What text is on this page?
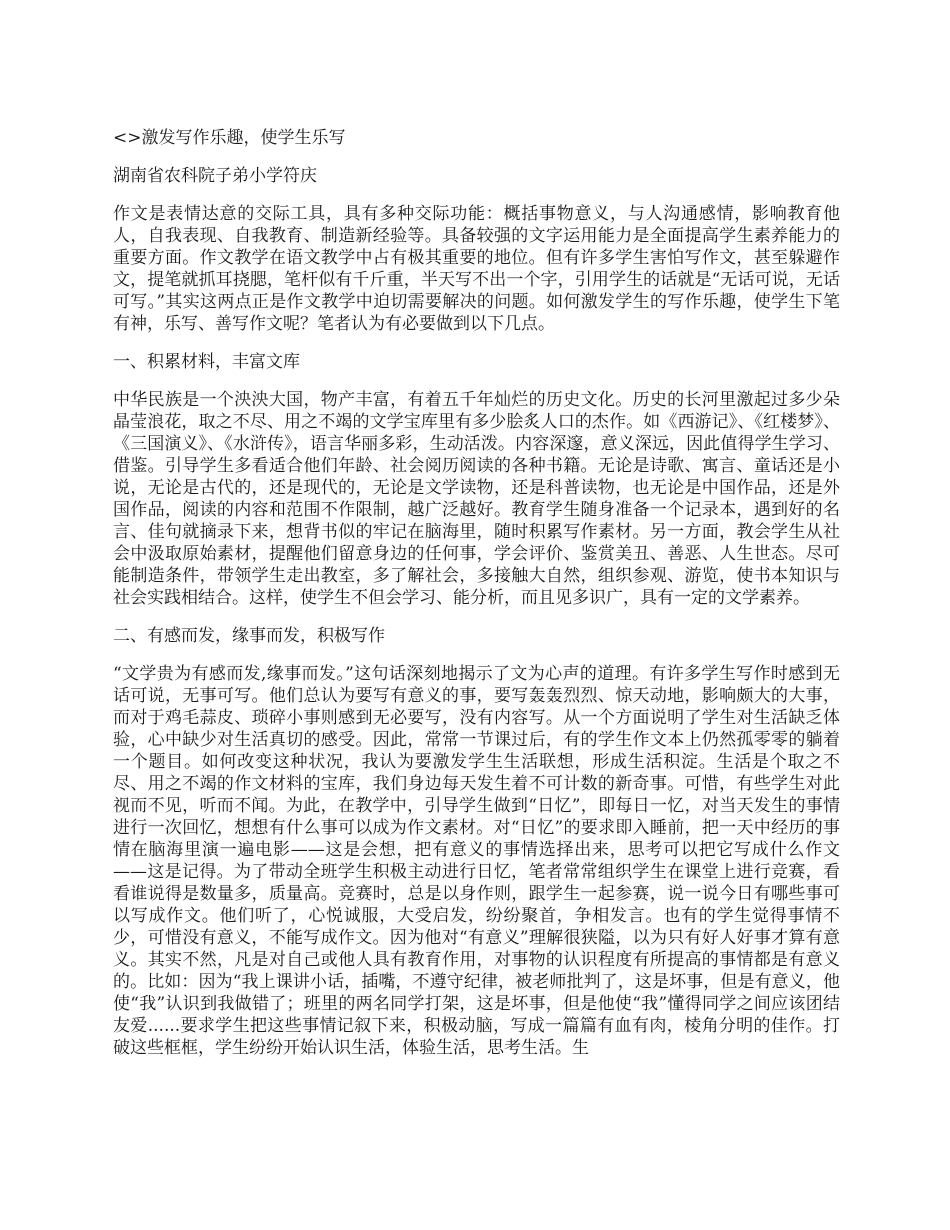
<>激发写作乐趣，使学生乐写

湖南省农科院子弟小学符庆

作文是表情达意的交际工具，具有多种交际功能：概括事物意义，与人沟通感情，影响教育他人，自我表现、自我教育、制造新经验等。具备较强的文字运用能力是全面提高学生素养能力的重要方面。作文教学在语文教学中占有极其重要的地位。但有许多学生害怕写作文，甚至躲避作文，提笔就抓耳挠腮，笔杆似有千斤重，半天写不出一个字，引用学生的话就是“无话可说，无话可写。”其实这两点正是作文教学中迫切需要解决的问题。如何激发学生的写作乐趣，使学生下笔有神，乐写、善写作文呢？笔者认为有必要做到以下几点。

一、积累材料，丰富文库

中华民族是一个泱泱大国，物产丰富，有着五千年灿烂的历史文化。历史的长河里激起过多少朵晶莹浪花，取之不尽、用之不竭的文学宝库里有多少脍炙人口的杰作。如《西游记》、《红楼梦》、《三国演义》、《水浒传》，语言华丽多彩，生动活泼。内容深邃，意义深远，因此值得学生学习、借鉴。引导学生多看适合他们年龄、社会阅历阅读的各种书籍。无论是诗歌、寓言、童话还是小说，无论是古代的，还是现代的，无论是文学读物，还是科普读物，也无论是中国作品，还是外国作品，阅读的内容和范围不作限制，越广泛越好。教育学生随身准备一个记录本，遇到好的名言、佳句就摘录下来，想背书似的牢记在脑海里，随时积累写作素材。另一方面，教会学生从社会中汲取原始素材，提醒他们留意身边的任何事，学会评价、鉴赏美丑、善恶、人生世态。尽可能制造条件，带领学生走出教室，多了解社会，多接触大自然，组织参观、游览，使书本知识与社会实践相结合。这样，使学生不但会学习、能分析，而且见多识广，具有一定的文学素养。

二、有感而发，缘事而发，积极写作

“文学贵为有感而发,缘事而发。”这句话深刻地揭示了文为心声的道理。有许多学生写作时感到无话可说，无事可写。他们总认为要写有意义的事，要写轰轰烈烈、惊天动地，影响颇大的大事，而对于鸡毛蒜皮、琐碎小事则感到无必要写，没有内容写。从一个方面说明了学生对生活缺乏体验，心中缺少对生活真切的感受。因此，常常一节课过后，有的学生作文本上仍然孤零零的躺着一个题目。如何改变这种状况，我认为要激发学生生活联想，形成生活积淀。生活是个取之不尽、用之不竭的作文材料的宝库，我们身边每天发生着不可计数的新奇事。可惜，有些学生对此视而不见，听而不闻。为此，在教学中，引导学生做到“日忆”，即每日一忆，对当天发生的事情进行一次回忆，想想有什么事可以成为作文素材。对“日忆”的要求即入睡前，把一天中经历的事情在脑海里演一遍电影——这是会想，把有意义的事情选择出来，思考可以把它写成什么作文——这是记得。为了带动全班学生积极主动进行日忆，笔者常常组织学生在课堂上进行竞赛，看看谁说得是数量多，质量高。竞赛时，总是以身作则，跟学生一起参赛，说一说今日有哪些事可以写成作文。他们听了，心悦诚服，大受启发，纷纷聚首，争相发言。也有的学生觉得事情不少，可惜没有意义，不能写成作文。因为他对“有意义”理解很狭隘，以为只有好人好事才算有意义。其实不然，凡是对自己或他人具有教育作用，对事物的认识程度有所提高的事情都是有意义的。比如：因为“我上课讲小话，插嘴，不遵守纪律，被老师批判了，这是坏事，但是有意义，他使“我”认识到我做错了；班里的两名同学打架，这是坏事，但是他使“我”懂得同学之间应该团结友爱......要求学生把这些事情记叙下来，积极动脑，写成一篇篇有血有肉，棱角分明的佳作。打破这些框框，学生纷纷开始认识生活，体验生活，思考生活。生
